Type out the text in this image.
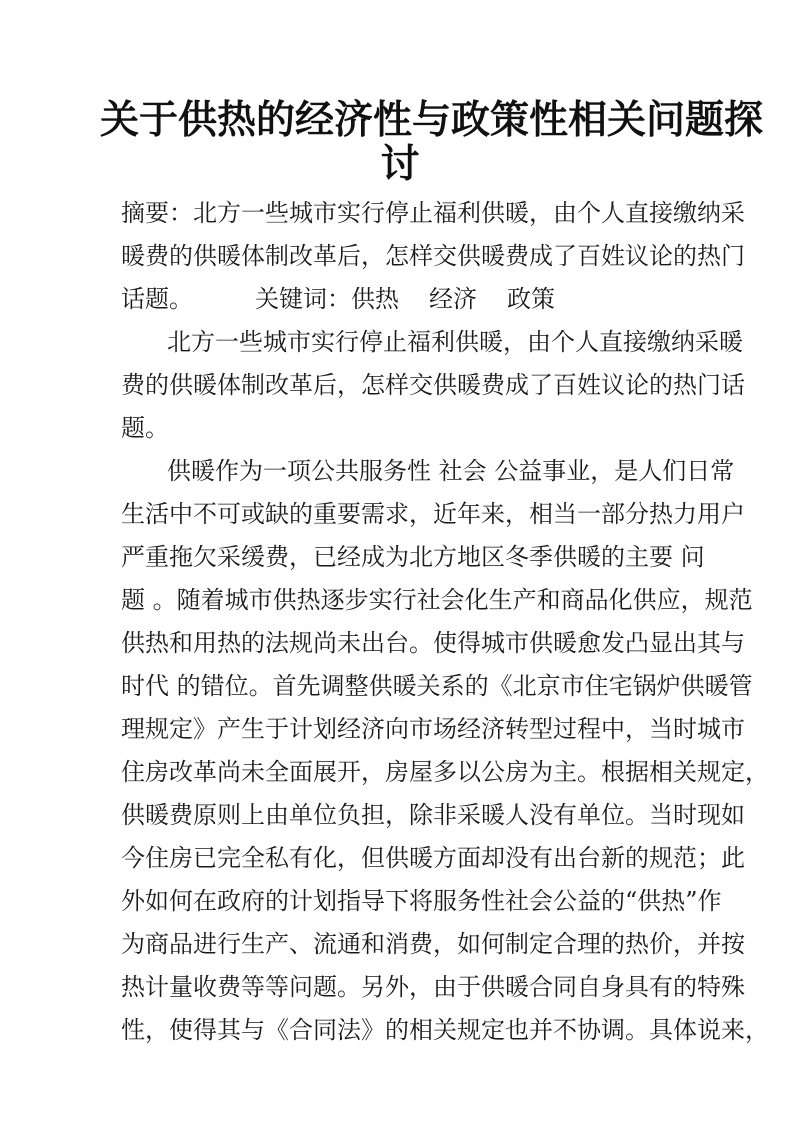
关于供热的经济性与政策性相关问题探
讨
摘要：北方一些城市实行停止福利供暖，由个人直接缴纳采
暖费的供暖体制改革后，怎样交供暖费成了百姓议论的热门
话题。	关键词：供热 经济 政策
北方一些城市实行停止福利供暖，由个人直接缴纳采暖
费的供暖体制改革后，怎样交供暖费成了百姓议论的热门话
题。
供暖作为一项公共服务性 社会 公益事业，是人们日常
生活中不可或缺的重要需求，近年来，相当一部分热力用户
严重拖欠采缓费，已经成为北方地区冬季供暖的主要 问
题 。随着城市供热逐步实行社会化生产和商品化供应，规范
供热和用热的法规尚未出台。使得城市供暖愈发凸显出其与
时代 的错位。首先调整供暖关系的《北京市住宅锅炉供暖管
理规定》产生于计划经济向市场经济转型过程中，当时城市
住房改革尚未全面展开，房屋多以公房为主。根据相关规定，
供暖费原则上由单位负担，除非采暖人没有单位。当时现如
今住房已完全私有化，但供暖方面却没有出台新的规范；此
外如何在政府的计划指导下将服务性社会公益的“供热”作
为商品进行生产、流通和消费，如何制定合理的热价，并按
热计量收费等等问题。另外，由于供暖合同自身具有的特殊
性，使得其与《合同法》的相关规定也并不协调。具体说来，
